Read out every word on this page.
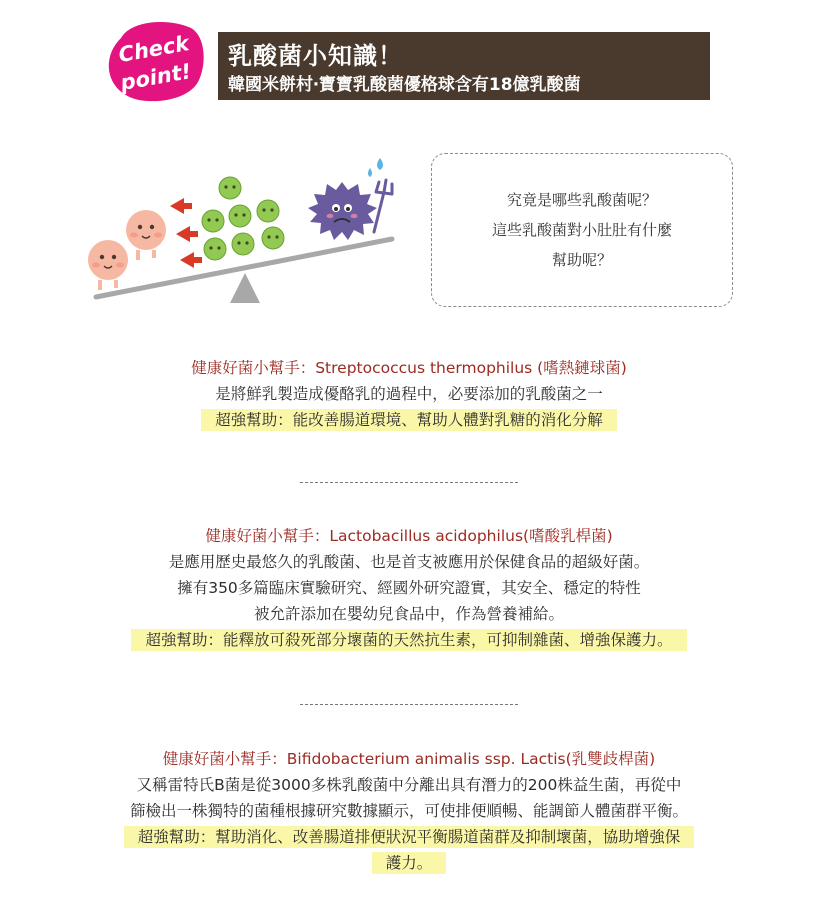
Check
point!
乳酸菌小知識！
韓國米餅村‧寶寶乳酸菌優格球含有18億乳酸菌
究竟是哪些乳酸菌呢？
這些乳酸菌對小肚肚有什麼
幫助呢？
健康好菌小幫手：Streptococcus thermophilus (嗜熱鏈球菌)
是將鮮乳製造成優酪乳的過程中，必要添加的乳酸菌之一
超強幫助：能改善腸道環境、幫助人體對乳糖的消化分解
健康好菌小幫手：Lactobacillus acidophilus(嗜酸乳桿菌)
是應用歷史最悠久的乳酸菌、也是首支被應用於保健食品的超級好菌。
擁有350多篇臨床實驗研究、經國外研究證實，其安全、穩定的特性
被允許添加在嬰幼兒食品中，作為營養補給。
超強幫助：能釋放可殺死部分壞菌的天然抗生素，可抑制雜菌、增強保護力。
健康好菌小幫手：Bifidobacterium animalis ssp. Lactis(乳雙歧桿菌)
又稱雷特氏B菌是從3000多株乳酸菌中分離出具有潛力的200株益生菌，再從中
篩檢出一株獨特的菌種根據研究數據顯示，可使排便順暢、能調節人體菌群平衡。
超強幫助：幫助消化、改善腸道排便狀況平衡腸道菌群及抑制壞菌，協助增強保
護力。
